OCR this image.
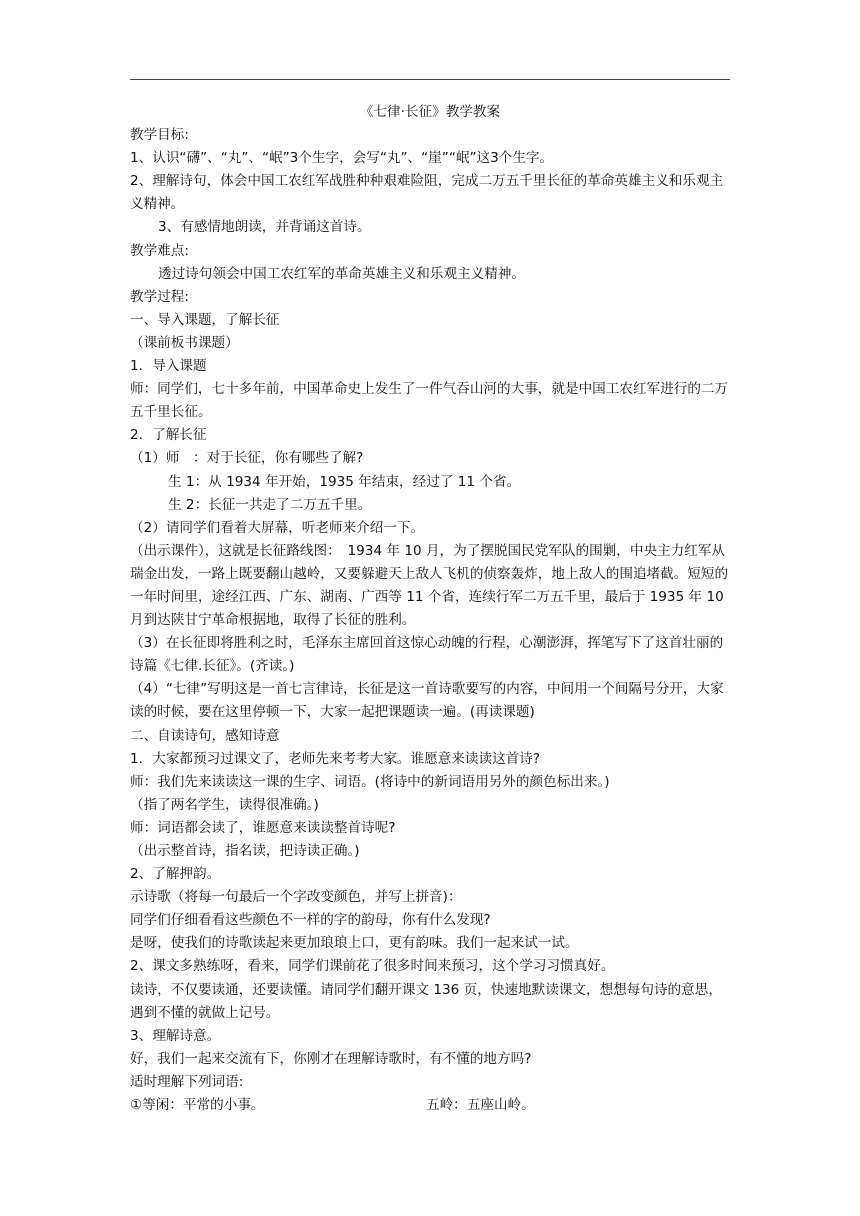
《七律·长征》教学教案
教学目标:
1、认识“礴”、“丸”、“岷”3个生字，会写“丸”、“崖”“岷”这3个生字。
2、理解诗句，体会中国工农红军战胜种种艰难险阻，完成二万五千里长征的革命英雄主义和乐观主义精神。
3、有感情地朗读，并背诵这首诗。
教学难点:
透过诗句领会中国工农红军的革命英雄主义和乐观主义精神。
教学过程:
一、导入课题，了解长征
（课前板书课题）
1．导入课题
师：同学们，七十多年前，中国革命史上发生了一件气吞山河的大事，就是中国工农红军进行的二万五千里长征。
2．了解长征
（1）师　：对于长征，你有哪些了解?
生 1：从 1934 年开始，1935 年结束，经过了 11 个省。
生 2：长征一共走了二万五千里。
（2）请同学们看着大屏幕，听老师来介绍一下。
（出示课件），这就是长征路线图：　1934 年 10 月，为了摆脱国民党军队的围剿，中央主力红军从瑞金出发，一路上既要翻山越岭，又要躲避天上敌人飞机的侦察轰炸，地上敌人的围追堵截。短短的一年时间里，途经江西、广东、湖南、广西等 11 个省，连续行军二万五千里，最后于 1935 年 10 月到达陕甘宁革命根据地，取得了长征的胜利。
（3）在长征即将胜利之时，毛泽东主席回首这惊心动魄的行程，心潮澎湃，挥笔写下了这首壮丽的诗篇《七律.长征》。(齐读。)
（4）“七律”写明这是一首七言律诗，长征是这一首诗歌要写的内容，中间用一个间隔号分开，大家读的时候，要在这里停顿一下，大家一起把课题读一遍。(再读课题)
二、自读诗句，感知诗意
1．大家都预习过课文了，老师先来考考大家。谁愿意来读读这首诗?
师：我们先来读读这一课的生字、词语。(将诗中的新词语用另外的颜色标出来。)
（指了两名学生，读得很准确。)
师：词语都会读了，谁愿意来读读整首诗呢?
（出示整首诗，指名读，把诗读正确。)
2、了解押韵。
示诗歌（将每一句最后一个字改变颜色，并写上拼音)：
同学们仔细看看这些颜色不一样的字的韵母，你有什么发现?
是呀，使我们的诗歌读起来更加琅琅上口，更有韵味。我们一起来试一试。
2、课文多熟练呀，看来，同学们课前花了很多时间来预习，这个学习习惯真好。
读诗，不仅要读通，还要读懂。请同学们翻开课文 136 页，快速地默读课文，想想每句诗的意思，遇到不懂的就做上记号。
3、理解诗意。
好，我们一起来交流有下，你刚才在理解诗歌时，有不懂的地方吗?
适时理解下列词语:
①等闲：平常的小事。	五岭：五座山岭。
